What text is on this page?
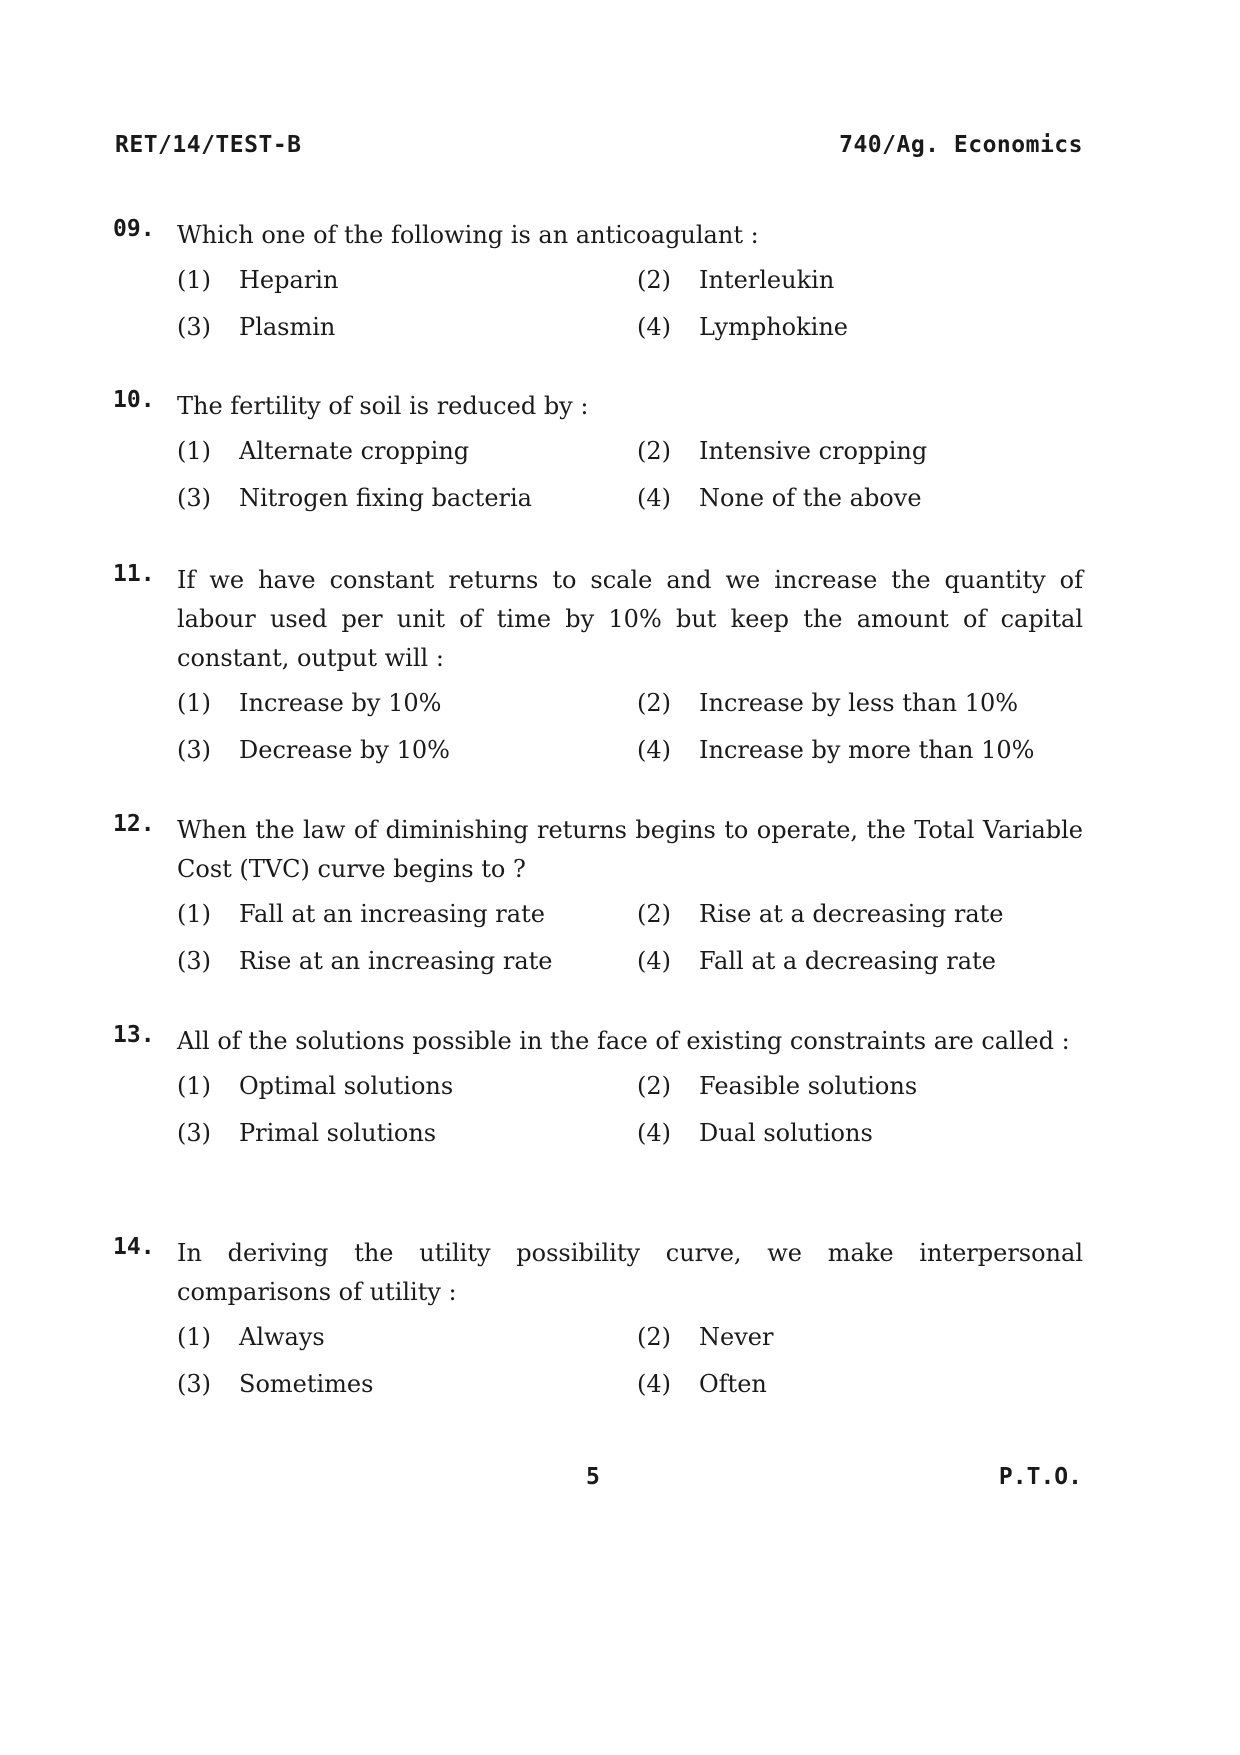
RET/14/TEST-B	740/Ag. Economics
09. Which one of the following is an anticoagulant :
(1)	Heparin	(2)	Interleukin
(3)	Plasmin	(4)	Lymphokine
10. The fertility of soil is reduced by :
(1)	Alternate cropping	(2)	Intensive cropping
(3)	Nitrogen fixing bacteria	(4)	None of the above
11. If we have constant returns to scale and we increase the quantity of labour used per unit of time by 10% but keep the amount of capital constant, output will :
(1)	Increase by 10%	(2)	Increase by less than 10%
(3)	Decrease by 10%	(4)	Increase by more than 10%
12. When the law of diminishing returns begins to operate, the Total Variable Cost (TVC) curve begins to ?
(1)	Fall at an increasing rate	(2)	Rise at a decreasing rate
(3)	Rise at an increasing rate	(4)	Fall at a decreasing rate
13. All of the solutions possible in the face of existing constraints are called :
(1)	Optimal solutions	(2)	Feasible solutions
(3)	Primal solutions	(4)	Dual solutions
14. In deriving the utility possibility curve, we make interpersonal comparisons of utility :
(1)	Always	(2)	Never
(3)	Sometimes	(4)	Often
5	P.T.O.
